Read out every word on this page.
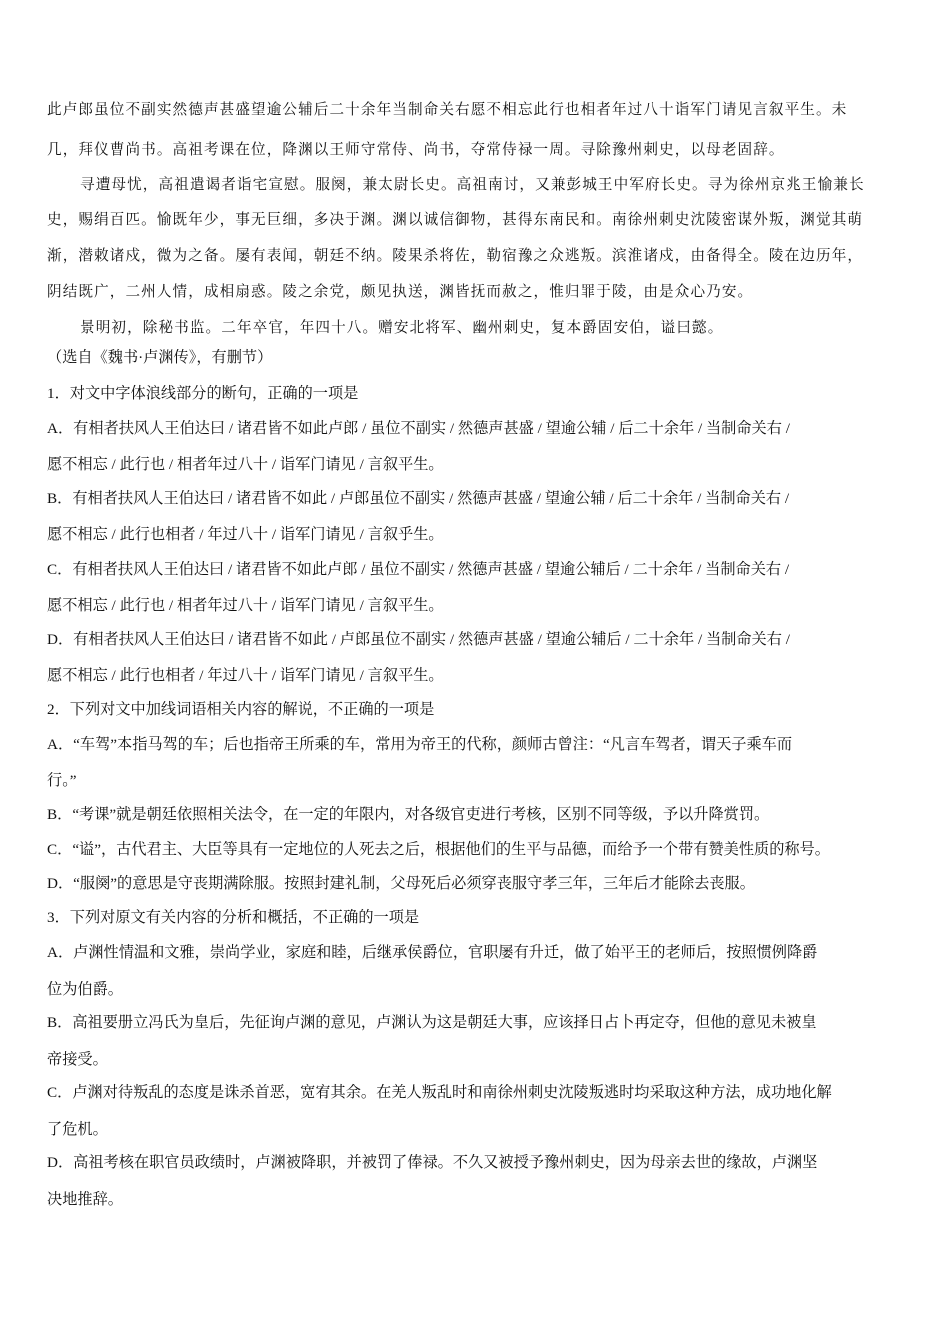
此卢郎虽位不副实然德声甚盛望逾公辅后二十余年当制命关右愿不相忘此行也相者年过八十诣军门请见言叙平生。未
几，拜仪曹尚书。高祖考课在位，降渊以王师守常侍、尚书，夺常侍禄一周。寻除豫州刺史，以母老固辞。
寻遭母忧，高祖遣谒者诣宅宣慰。服阕，兼太尉长史。高祖南讨，又兼彭城王中军府长史。寻为徐州京兆王愉兼长
史，赐绢百匹。愉既年少，事无巨细，多决于渊。渊以诚信御物，甚得东南民和。南徐州刺史沈陵密谋外叛，渊觉其萌
渐，潜敕诸戍，微为之备。屡有表闻，朝廷不纳。陵果杀将佐，勒宿豫之众逃叛。滨淮诸戍，由备得全。陵在边历年，
阴结既广，二州人情，成相扇惑。陵之余党，颇见执送，渊皆抚而赦之，惟归罪于陵，由是众心乃安。
景明初，除秘书监。二年卒官，年四十八。赠安北将军、幽州刺史，复本爵固安伯，谥曰懿。
（选自《魏书·卢渊传》，有删节）
1．对文中字体浪线部分的断句，正确的一项是
A．有相者扶风人王伯达曰 / 诸君皆不如此卢郎 / 虽位不副实 / 然德声甚盛 / 望逾公辅 / 后二十余年 / 当制命关右 /
愿不相忘 / 此行也 / 相者年过八十 / 诣军门请见 / 言叙平生。
B．有相者扶风人王伯达曰 / 诸君皆不如此 / 卢郎虽位不副实 / 然德声甚盛 / 望逾公辅 / 后二十余年 / 当制命关右 /
愿不相忘 / 此行也相者 / 年过八十 / 诣军门请见 / 言叙乎生。
C．有相者扶风人王伯达曰 / 诸君皆不如此卢郎 / 虽位不副实 / 然德声甚盛 / 望逾公辅后 / 二十余年 / 当制命关右 /
愿不相忘 / 此行也 / 相者年过八十 / 诣军门请见 / 言叙平生。
D．有相者扶风人王伯达曰 / 诸君皆不如此 / 卢郎虽位不副实 / 然德声甚盛 / 望逾公辅后 / 二十余年 / 当制命关右 /
愿不相忘 / 此行也相者 / 年过八十 / 诣军门请见 / 言叙平生。
2．下列对文中加线词语相关内容的解说，不正确的一项是
A．“车驾”本指马驾的车；后也指帝王所乘的车，常用为帝王的代称，颜师古曾注：“凡言车驾者，谓天子乘车而
行。”
B．“考课”就是朝廷依照相关法令，在一定的年限内，对各级官吏进行考核，区别不同等级，予以升降赏罚。
C．“谥”，古代君主、大臣等具有一定地位的人死去之后，根据他们的生平与品德，而给予一个带有赞美性质的称号。
D．“服阕”的意思是守丧期满除服。按照封建礼制，父母死后必须穿丧服守孝三年，三年后才能除去丧服。
3．下列对原文有关内容的分析和概括，不正确的一项是
A．卢渊性情温和文雅，崇尚学业，家庭和睦，后继承侯爵位，官职屡有升迁，做了始平王的老师后，按照惯例降爵
位为伯爵。
B．高祖要册立冯氏为皇后，先征询卢渊的意见，卢渊认为这是朝廷大事，应该择日占卜再定夺，但他的意见未被皇
帝接受。
C．卢渊对待叛乱的态度是诛杀首恶，宽宥其余。在羌人叛乱时和南徐州刺史沈陵叛逃时均采取这种方法，成功地化解
了危机。
D．高祖考核在职官员政绩时，卢渊被降职，并被罚了俸禄。不久又被授予豫州刺史，因为母亲去世的缘故，卢渊坚
决地推辞。
